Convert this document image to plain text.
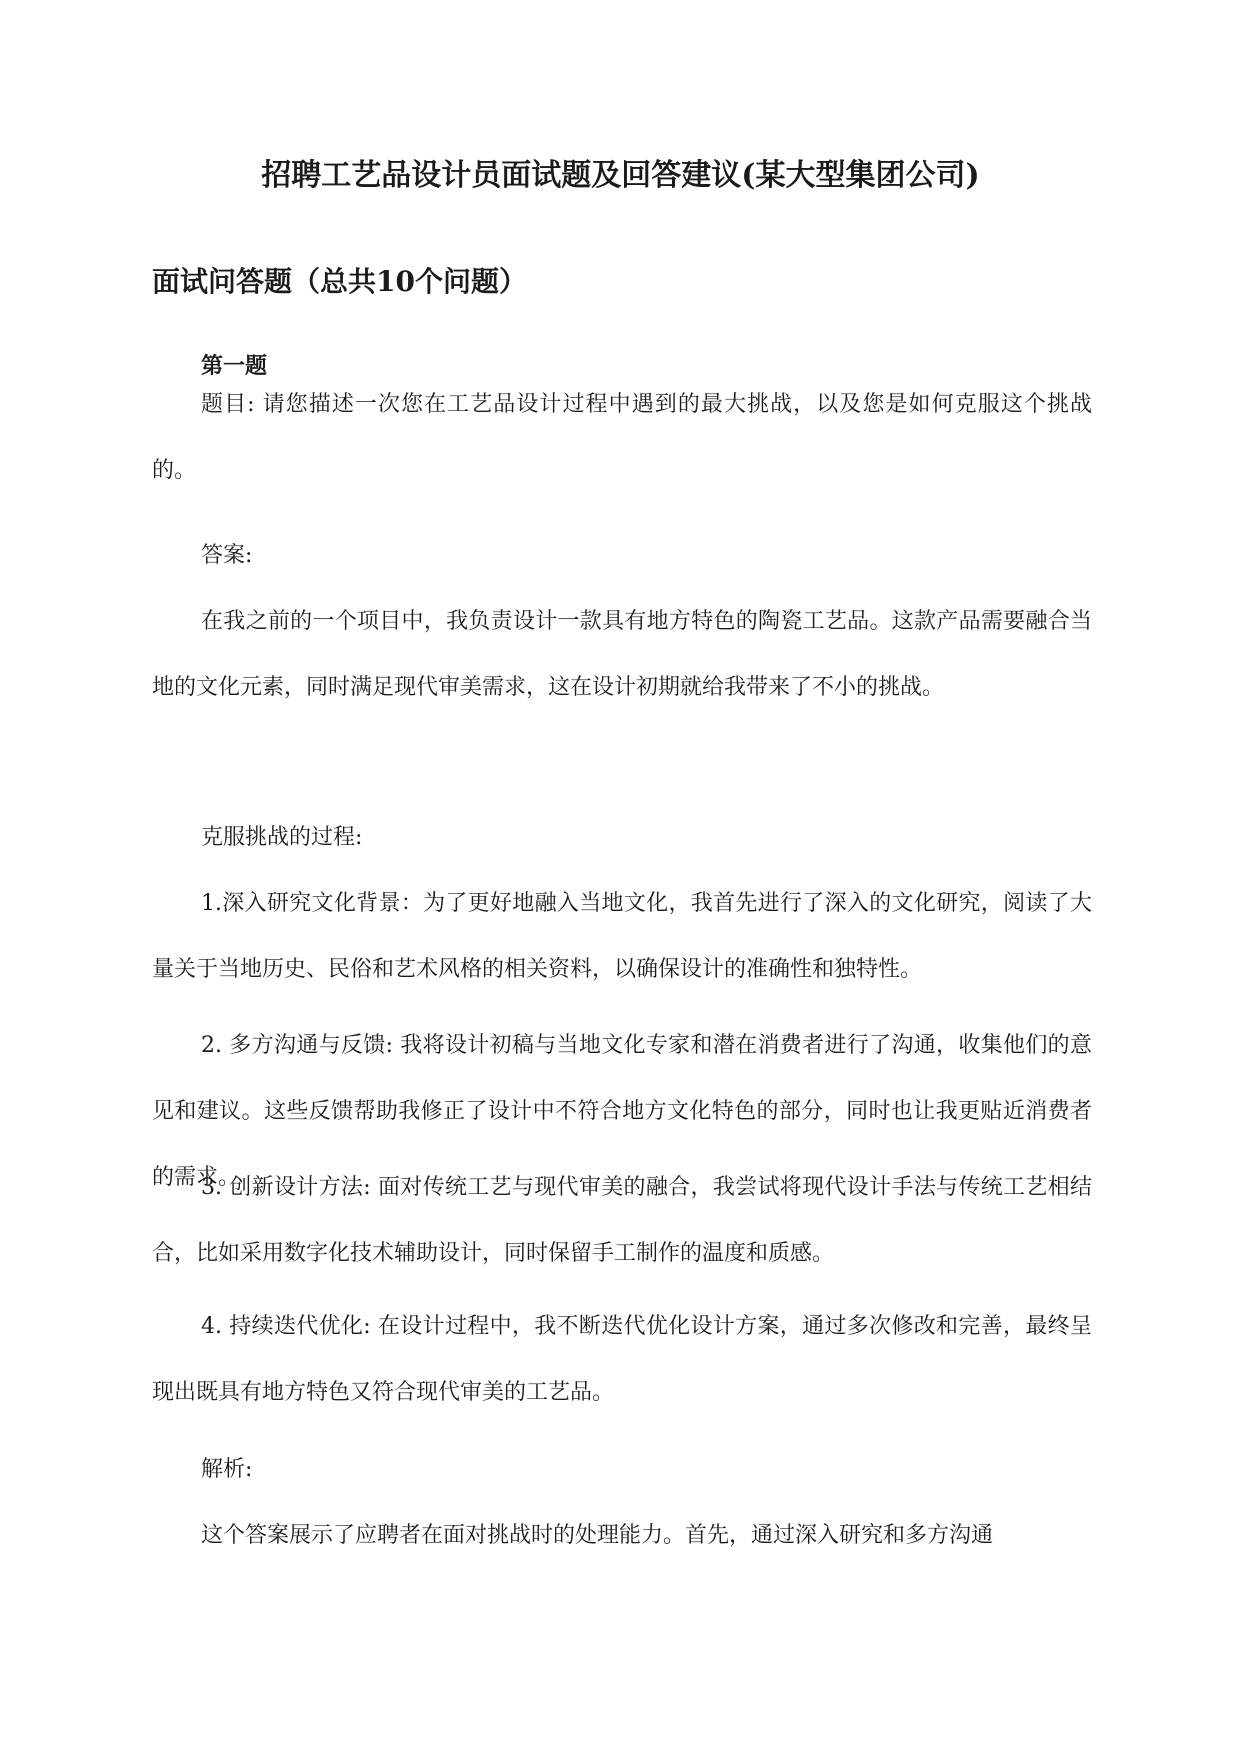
招聘工艺品设计员面试题及回答建议(某大型集团公司)
面试问答题（总共10个问题）
第一题

题目: 请您描述一次您在工艺品设计过程中遇到的最大挑战，以及您是如何克服这个挑战的。

答案:

在我之前的一个项目中，我负责设计一款具有地方特色的陶瓷工艺品。这款产品需要融合当地的文化元素，同时满足现代审美需求，这在设计初期就给我带来了不小的挑战。

克服挑战的过程:

1.深入研究文化背景：为了更好地融入当地文化，我首先进行了深入的文化研究，阅读了大量关于当地历史、民俗和艺术风格的相关资料，以确保设计的准确性和独特性。

2. 多方沟通与反馈: 我将设计初稿与当地文化专家和潜在消费者进行了沟通，收集他们的意见和建议。这些反馈帮助我修正了设计中不符合地方文化特色的部分，同时也让我更贴近消费者的需求。

3. 创新设计方法: 面对传统工艺与现代审美的融合，我尝试将现代设计手法与传统工艺相结合，比如采用数字化技术辅助设计，同时保留手工制作的温度和质感。

4. 持续迭代优化: 在设计过程中，我不断迭代优化设计方案，通过多次修改和完善，最终呈现出既具有地方特色又符合现代审美的工艺品。

解析:

这个答案展示了应聘者在面对挑战时的处理能力。首先，通过深入研究和多方沟通
